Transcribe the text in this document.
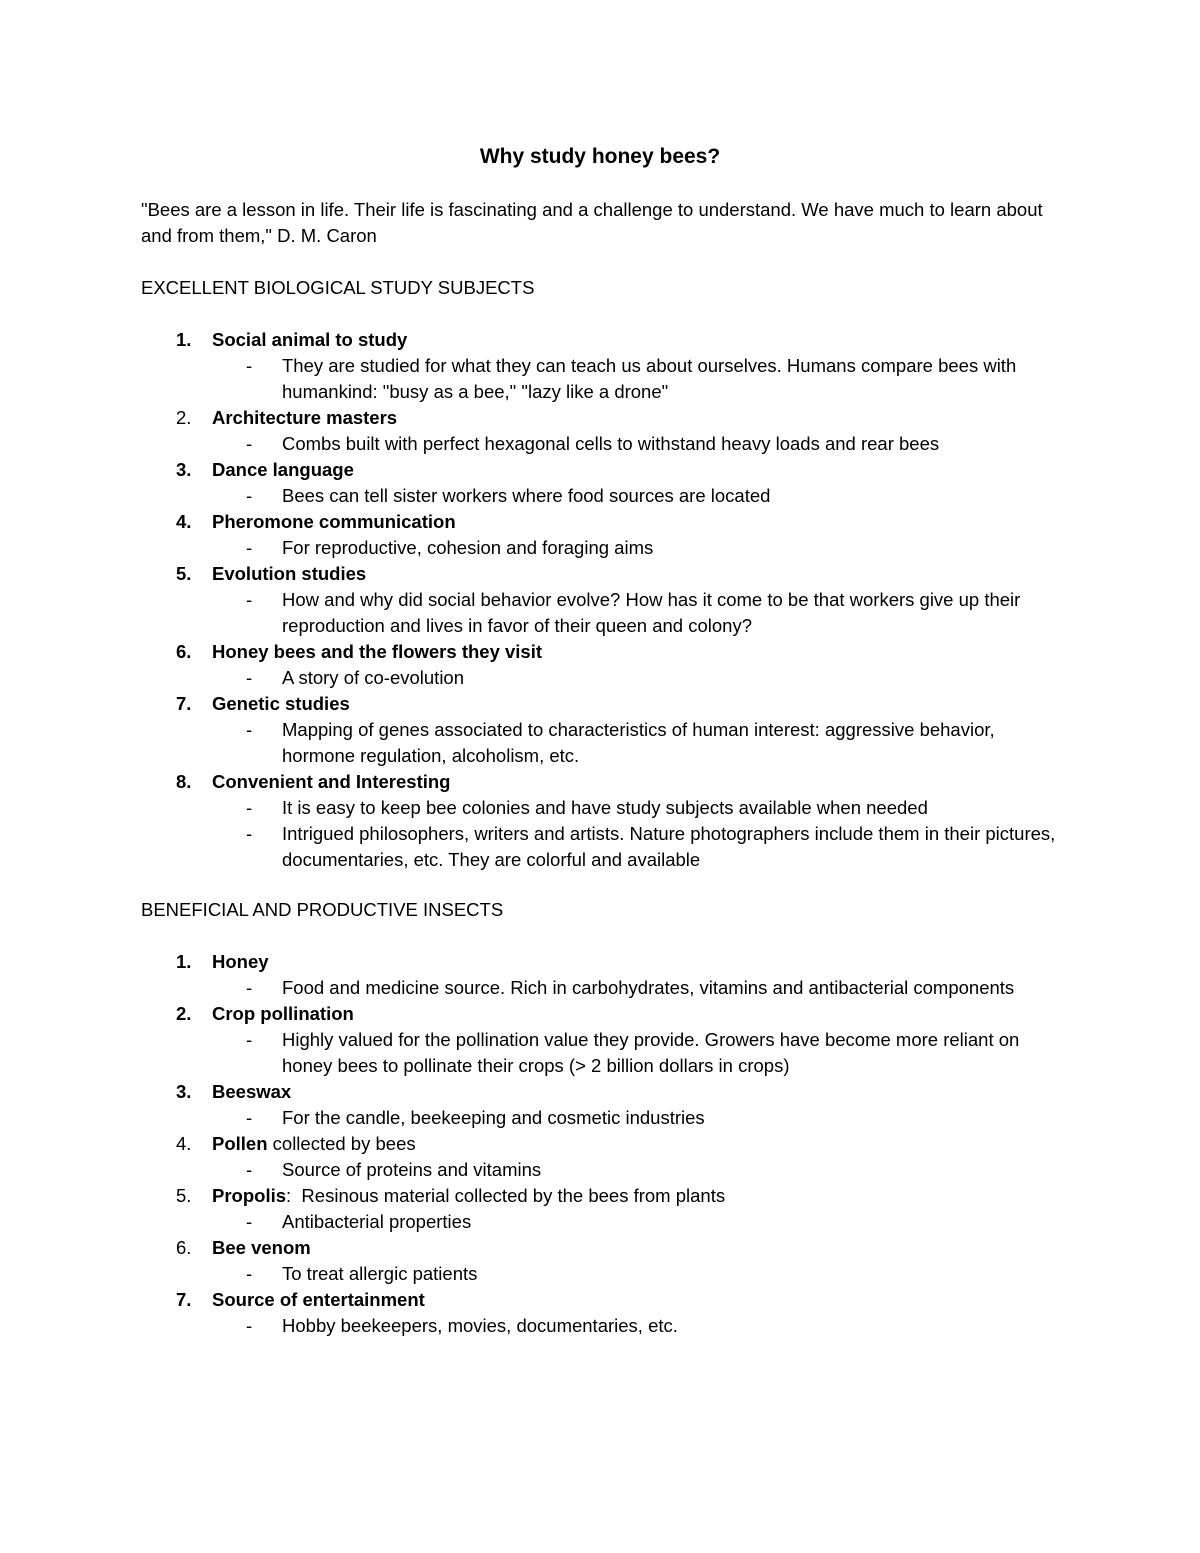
Why study honey bees?
"Bees are a lesson in life. Their life is fascinating and a challenge to understand. We have much to learn about and from them," D. M. Caron
EXCELLENT BIOLOGICAL STUDY SUBJECTS
1. Social animal to study
- They are studied for what they can teach us about ourselves. Humans compare bees with humankind: "busy as a bee," "lazy like a drone"
2. Architecture masters
- Combs built with perfect hexagonal cells to withstand heavy loads and rear bees
3. Dance language
- Bees can tell sister workers where food sources are located
4. Pheromone communication
- For reproductive, cohesion and foraging aims
5. Evolution studies
- How and why did social behavior evolve? How has it come to be that workers give up their reproduction and lives in favor of their queen and colony?
6. Honey bees and the flowers they visit
- A story of co-evolution
7. Genetic studies
- Mapping of genes associated to characteristics of human interest: aggressive behavior, hormone regulation, alcoholism, etc.
8. Convenient and Interesting
- It is easy to keep bee colonies and have study subjects available when needed
- Intrigued philosophers, writers and artists. Nature photographers include them in their pictures, documentaries, etc. They are colorful and available
BENEFICIAL AND PRODUCTIVE INSECTS
1. Honey
- Food and medicine source. Rich in carbohydrates, vitamins and antibacterial components
2. Crop pollination
- Highly valued for the pollination value they provide. Growers have become more reliant on honey bees to pollinate their crops (> 2 billion dollars in crops)
3. Beeswax
- For the candle, beekeeping and cosmetic industries
4. Pollen collected by bees
- Source of proteins and vitamins
5. Propolis:  Resinous material collected by the bees from plants
- Antibacterial properties
6. Bee venom
- To treat allergic patients
7. Source of entertainment
- Hobby beekeepers, movies, documentaries, etc.
